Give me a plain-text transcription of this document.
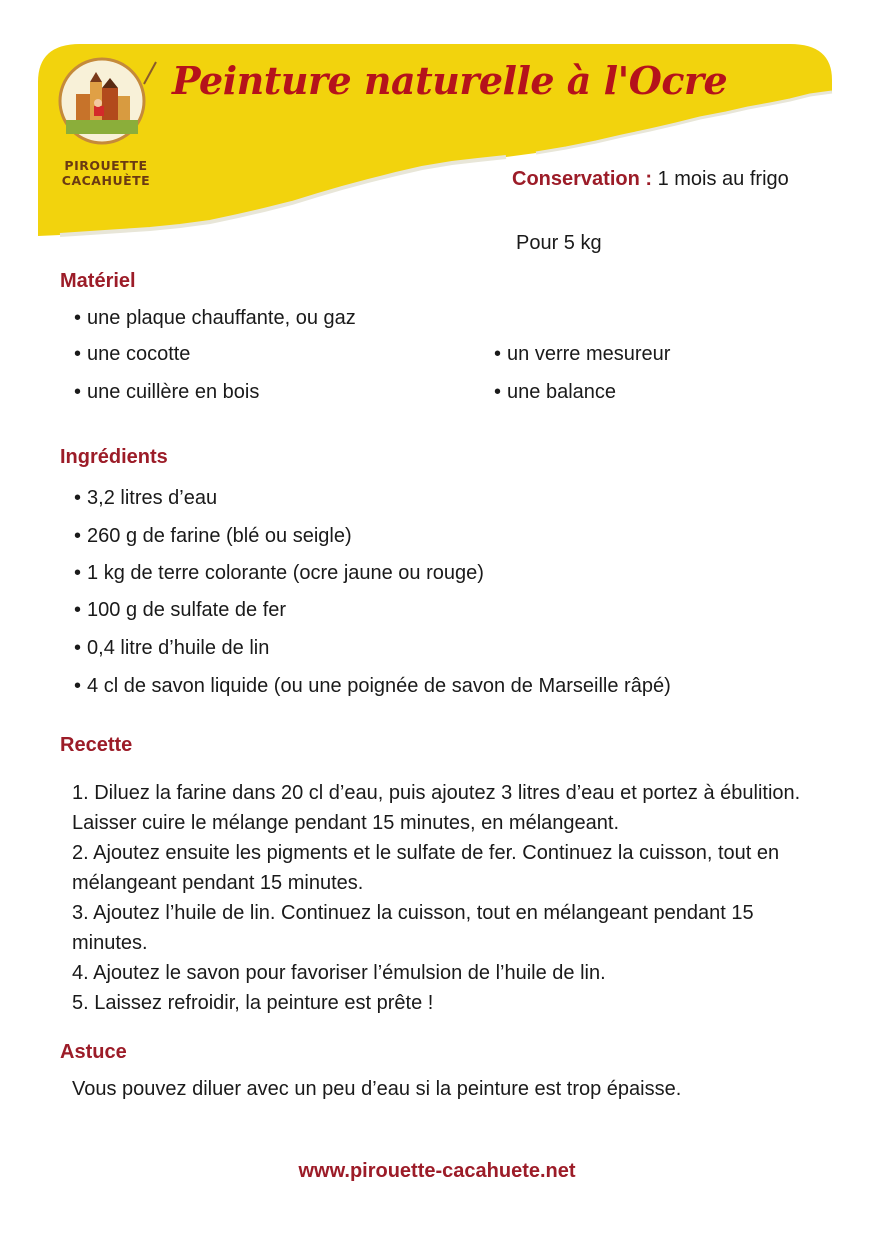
PIROUETTE
CACAHUÈTE
Peinture naturelle à l'Ocre
Conservation : 1 mois au frigo
Pour 5 kg
Matériel
• une plaque chauffante, ou gaz
• une cocotte
• une cuillère en bois
• un verre mesureur
• une balance
Ingrédients
• 3,2 litres d’eau
• 260 g de farine (blé ou seigle)
• 1 kg de terre colorante (ocre jaune ou rouge)
• 100 g de sulfate de fer
• 0,4 litre d’huile de lin
• 4 cl de savon liquide (ou une poignée de savon de Marseille râpé)
Recette

1. Diluez la farine dans 20 cl d’eau, puis ajoutez 3 litres d’eau et portez à ébulition. Laisser cuire le mélange pendant 15 minutes, en mélangeant.

2. Ajoutez ensuite les pigments et le sulfate de fer. Continuez la cuisson, tout en mélangeant pendant 15 minutes.

3. Ajoutez l’huile de lin. Continuez la cuisson, tout en mélangeant pendant 15 minutes.

4. Ajoutez le savon pour favoriser l’émulsion de l’huile de lin.

5. Laissez refroidir, la peinture est prête !

Astuce
Vous pouvez diluer avec un peu d’eau si la peinture est trop épaisse.
www.pirouette-cacahuete.net
